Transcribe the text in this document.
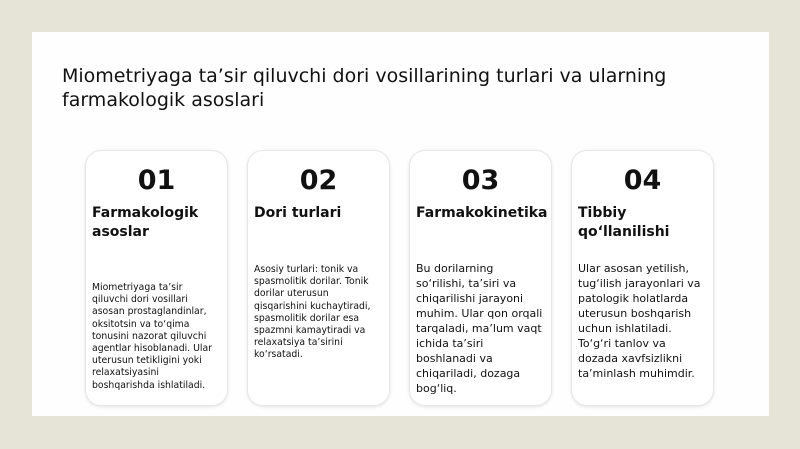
Miometriyaga ta’sir qiluvchi dori vosillarining turlari va ularning farmakologik asoslari
01
Farmakologik asoslar
Miometriyaga ta’sir qiluvchi dori vosillari asosan prostaglandinlar, oksitotsin va to‘qima tonusini nazorat qiluvchi agentlar hisoblanadi. Ular uterusun tetikligini yoki relaxatsiyasini boshqarishda ishlatiladi.
02
Dori turlari
Asosiy turlari: tonik va spasmolitik dorilar. Tonik dorilar uterusun qisqarishini kuchaytiradi, spasmolitik dorilar esa spazmni kamaytiradi va relaxatsiya ta’sirini ko‘rsatadi.
03
Farmakokinetika
Bu dorilarning so‘rilishi, ta’siri va chiqarilishi jarayoni muhim. Ular qon orqali tarqaladi, ma’lum vaqt ichida ta’siri boshlanadi va chiqariladi, dozaga bog‘liq.
04
Tibbiy qo‘llanilishi
Ular asosan yetilish, tug‘ilish jarayonlari va patologik holatlarda uterusun boshqarish uchun ishlatiladi. To‘g‘ri tanlov va dozada xavfsizlikni ta’minlash muhimdir.
